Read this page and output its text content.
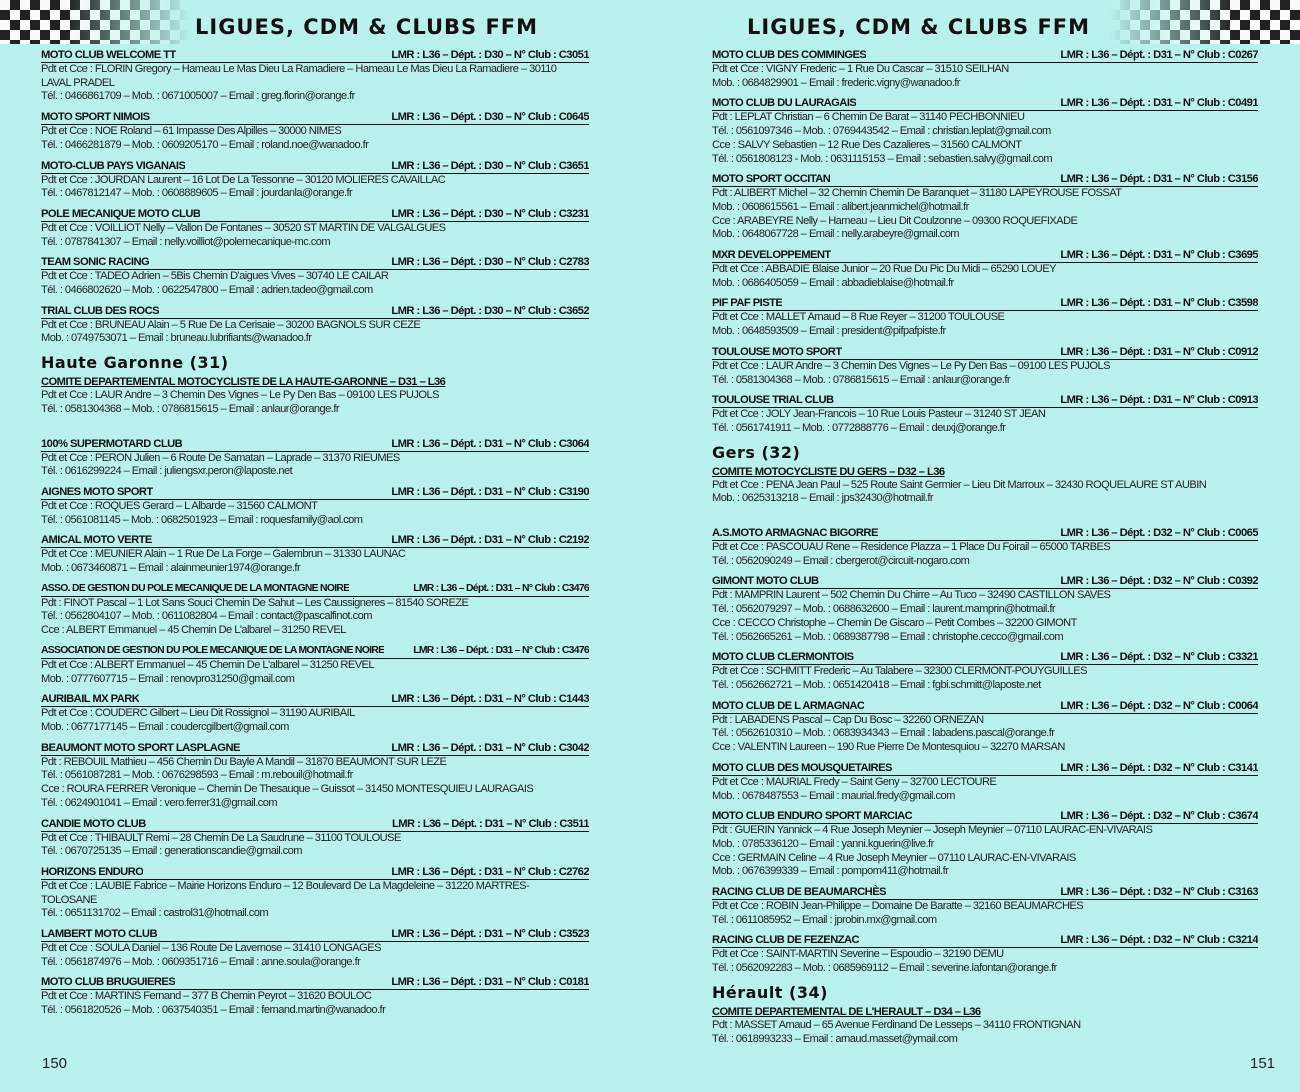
LIGUES, CDM & CLUBS FFM
MOTO CLUB WELCOME TT	LMR : L36 – Dépt. : D30 – N° Club : C3051
Pdt et Cce : FLORIN Gregory – Hameau Le Mas Dieu La Ramadiere – Hameau Le Mas Dieu La Ramadiere – 30110
LAVAL PRADEL
Tél. : 0466861709 – Mob. : 0671005007 – Email : greg.florin@orange.fr
MOTO SPORT NIMOIS	LMR : L36 – Dépt. : D30 – N° Club : C0645
Pdt et Cce : NOE Roland – 61 Impasse Des Alpilles – 30000 NIMES
Tél. : 0466281879 – Mob. : 0609205170 – Email : roland.noe@wanadoo.fr
MOTO-CLUB PAYS VIGANAIS	LMR : L36 – Dépt. : D30 – N° Club : C3651
Pdt et Cce : JOURDAN Laurent – 16 Lot De La Tessonne – 30120 MOLIERES CAVAILLAC
Tél. : 0467812147 – Mob. : 0608889605 – Email : jourdanla@orange.fr
POLE MECANIQUE MOTO CLUB	LMR : L36 – Dépt. : D30 – N° Club : C3231
Pdt et Cce : VOILLIOT Nelly – Vallon De Fontanes – 30520 ST MARTIN DE VALGALGUES
Tél. : 0787841307 – Email : nelly.voilliot@polemecanique-mc.com
TEAM SONIC RACING	LMR : L36 – Dépt. : D30 – N° Club : C2783
Pdt et Cce : TADEO Adrien – 5Bis Chemin D'aigues Vives – 30740 LE CAILAR
Tél. : 0466802620 – Mob. : 0622547800 – Email : adrien.tadeo@gmail.com
TRIAL CLUB DES ROCS	LMR : L36 – Dépt. : D30 – N° Club : C3652
Pdt et Cce : BRUNEAU Alain – 5 Rue De La Cerisaie – 30200 BAGNOLS SUR CEZE
Mob. : 0749753071 – Email : bruneau.lubrifiants@wanadoo.fr
Haute Garonne (31)
COMITE DEPARTEMENTAL MOTOCYCLISTE DE LA HAUTE-GARONNE – D31 – L36
Pdt et Cce : LAUR Andre – 3 Chemin Des Vignes – Le Py Den Bas – 09100 LES PUJOLS
Tél. : 0581304368 – Mob. : 0786815615 – Email : anlaur@orange.fr
100% SUPERMOTARD CLUB	LMR : L36 – Dépt. : D31 – N° Club : C3064
Pdt et Cce : PERON Julien – 6 Route De Samatan – Laprade – 31370 RIEUMES
Tél. : 0616299224 – Email : juliengsxr.peron@laposte.net
AIGNES MOTO SPORT	LMR : L36 – Dépt. : D31 – N° Club : C3190
Pdt et Cce : ROQUES Gerard – L Albarde – 31560 CALMONT
Tél. : 0561081145 – Mob. : 0682501923 – Email : roquesfamily@aol.com
AMICAL MOTO VERTE	LMR : L36 – Dépt. : D31 – N° Club : C2192
Pdt et Cce : MEUNIER Alain – 1 Rue De La Forge – Galembrun – 31330 LAUNAC
Mob. : 0673460871 – Email : alainmeunier1974@orange.fr
ASSO. DE GESTION DU POLE MECANIQUE DE LA MONTAGNE NOIRE	LMR : L36 – Dépt. : D31 – N° Club : C3476
Pdt : FINOT Pascal – 1 Lot Sans Souci Chemin De Sahut – Les Caussigneres – 81540 SOREZE
Tél. : 0562804107 – Mob. : 0611082804 – Email : contact@pascalfinot.com
Cce : ALBERT Emmanuel – 45 Chemin De L'albarel – 31250 REVEL
ASSOCIATION DE GESTION DU POLE MECANIQUE DE LA MONTAGNE NOIRE	LMR : L36 – Dépt. : D31 – N° Club : C3476
Pdt et Cce : ALBERT Emmanuel – 45 Chemin De L'albarel – 31250 REVEL
Mob. : 0777607715 – Email : renovpro31250@gmail.com
AURIBAIL MX PARK	LMR : L36 – Dépt. : D31 – N° Club : C1443
Pdt et Cce : COUDERC Gilbert – Lieu Dit Rossignol – 31190 AURIBAIL
Mob. : 0677177145 – Email : coudercgilbert@gmail.com
BEAUMONT MOTO SPORT LASPLAGNE	LMR : L36 – Dépt. : D31 – N° Club : C3042
Pdt : REBOUIL Mathieu – 456 Chemin Du Bayle A Mandil – 31870 BEAUMONT SUR LEZE
Tél. : 0561087281 – Mob. : 0676298593 – Email : m.rebouil@hotmail.fr
Cce : ROURA FERRER Veronique – Chemin De Thesauque – Guissot – 31450 MONTESQUIEU LAURAGAIS
Tél. : 0624901041 – Email : vero.ferrer31@gmail.com
CANDIE MOTO CLUB	LMR : L36 – Dépt. : D31 – N° Club : C3511
Pdt et Cce : THIBAULT Remi – 28 Chemin De La Saudrune – 31100 TOULOUSE
Tél. : 0670725135 – Email : generationscandie@gmail.com
HORIZONS ENDURO	LMR : L36 – Dépt. : D31 – N° Club : C2762
Pdt et Cce : LAUBIE Fabrice – Mairie Horizons Enduro – 12 Boulevard De La Magdeleine – 31220 MARTRES-
TOLOSANE
Tél. : 0651131702 – Email : castrol31@hotmail.com
LAMBERT MOTO CLUB	LMR : L36 – Dépt. : D31 – N° Club : C3523
Pdt et Cce : SOULA Daniel – 136 Route De Lavernose – 31410 LONGAGES
Tél. : 0561874976 – Mob. : 0609351716 – Email : anne.soula@orange.fr
MOTO CLUB BRUGUIERES	LMR : L36 – Dépt. : D31 – N° Club : C0181
Pdt et Cce : MARTINS Fernand – 377 B Chemin Peyrot – 31620 BOULOC
Tél. : 0561820526 – Mob. : 0637540351 – Email : fernand.martin@wanadoo.fr
150
LIGUES, CDM & CLUBS FFM
MOTO CLUB DES COMMINGES	LMR : L36 – Dépt. : D31 – N° Club : C0267
Pdt et Cce : VIGNY Frederic – 1 Rue Du Cascar – 31510 SEILHAN
Mob. : 0684829901 – Email : frederic.vigny@wanadoo.fr
MOTO CLUB DU LAURAGAIS	LMR : L36 – Dépt. : D31 – N° Club : C0491
Pdt : LEPLAT Christian – 6 Chemin De Barat – 31140 PECHBONNIEU
Tél. : 0561097346 – Mob. : 0769443542 – Email : christian.leplat@gmail.com
Cce : SALVY Sebastien – 12 Rue Des Cazalieres – 31560 CALMONT
Tél. : 0561808123 - Mob. : 0631115153 – Email : sebastien.salvy@gmail.com
MOTO SPORT OCCITAN	LMR : L36 – Dépt. : D31 – N° Club : C3156
Pdt : ALIBERT Michel – 32 Chemin Chemin De Baranquet – 31180 LAPEYROUSE FOSSAT
Mob. : 0608615561 – Email : alibert.jeanmichel@hotmail.fr
Cce : ARABEYRE Nelly – Hameau – Lieu Dit Coulzonne – 09300 ROQUEFIXADE
Mob. : 0648067728 – Email : nelly.arabeyre@gmail.com
MXR DEVELOPPEMENT	LMR : L36 – Dépt. : D31 – N° Club : C3695
Pdt et Cce : ABBADIE Blaise Junior – 20 Rue Du Pic Du Midi – 65290 LOUEY
Mob. : 0686405059 – Email : abbadieblaise@hotmail.fr
PIF PAF PISTE	LMR : L36 – Dépt. : D31 – N° Club : C3598
Pdt et Cce : MALLET Arnaud – 8 Rue Reyer – 31200 TOULOUSE
Mob. : 0648593509 – Email : president@pifpafpiste.fr
TOULOUSE MOTO SPORT	LMR : L36 – Dépt. : D31 – N° Club : C0912
Pdt et Cce : LAUR Andre – 3 Chemin Des Vignes – Le Py Den Bas – 09100 LES PUJOLS
Tél. : 0581304368 – Mob. : 0786815615 – Email : anlaur@orange.fr
TOULOUSE TRIAL CLUB	LMR : L36 – Dépt. : D31 – N° Club : C0913
Pdt et Cce : JOLY Jean-Francois – 10 Rue Louis Pasteur – 31240 ST JEAN
Tél. : 0561741911 – Mob. : 0772888776 – Email : deuxj@orange.fr
Gers (32)
COMITE MOTOCYCLISTE DU GERS – D32 – L36
Pdt et Cce : PENA Jean Paul – 525 Route Saint Germier – Lieu Dit Marroux – 32430 ROQUELAURE ST AUBIN
Mob. : 0625313218 – Email : jps32430@hotmail.fr
A.S.MOTO ARMAGNAC BIGORRE	LMR : L36 – Dépt. : D32 – N° Club : C0065
Pdt et Cce : PASCOUAU Rene – Residence Plazza – 1 Place Du Foirail – 65000 TARBES
Tél. : 0562090249 – Email : cbergerot@circuit-nogaro.com
GIMONT MOTO CLUB	LMR : L36 – Dépt. : D32 – N° Club : C0392
Pdt : MAMPRIN Laurent – 502 Chemin Du Chirre – Au Tuco – 32490 CASTILLON SAVES
Tél. : 0562079297 – Mob. : 0688632600 – Email : laurent.mamprin@hotmail.fr
Cce : CECCO Christophe – Chemin De Giscaro – Petit Combes – 32200 GIMONT
Tél. : 0562665261 – Mob. : 0689387798 – Email : christophe.cecco@gmail.com
MOTO CLUB CLERMONTOIS	LMR : L36 – Dépt. : D32 – N° Club : C3321
Pdt et Cce : SCHMITT Frederic – Au Talabere – 32300 CLERMONT-POUYGUILLES
Tél. : 0562662721 – Mob. : 0651420418 – Email : fgbi.schmitt@laposte.net
MOTO CLUB DE L ARMAGNAC	LMR : L36 – Dépt. : D32 – N° Club : C0064
Pdt : LABADENS Pascal – Cap Du Bosc – 32260 ORNEZAN
Tél. : 0562610310 – Mob. : 0683934343 – Email : labadens.pascal@orange.fr
Cce : VALENTIN Laureen – 190 Rue Pierre De Montesquiou – 32270 MARSAN
MOTO CLUB DES MOUSQUETAIRES	LMR : L36 – Dépt. : D32 – N° Club : C3141
Pdt et Cce : MAURIAL Fredy – Saint Geny – 32700 LECTOURE
Mob. : 0678487553 – Email : maurial.fredy@gmail.com
MOTO CLUB ENDURO SPORT MARCIAC	LMR : L36 – Dépt. : D32 – N° Club : C3674
Pdt : GUERIN Yannick – 4 Rue Joseph Meynier – Joseph Meynier – 07110 LAURAC-EN-VIVARAIS
Mob. : 0785336120 – Email : yanni.kguerin@live.fr
Cce : GERMAIN Celine – 4 Rue Joseph Meynier – 07110 LAURAC-EN-VIVARAIS
Mob. : 0676399339 – Email : pompom411@hotmail.fr
RACING CLUB DE BEAUMARCHÈS	LMR : L36 – Dépt. : D32 – N° Club : C3163
Pdt et Cce : ROBIN Jean-Philippe – Domaine De Baratte – 32160 BEAUMARCHES
Tél. : 0611085952 – Email : jprobin.mx@gmail.com
RACING CLUB DE FEZENZAC	LMR : L36 – Dépt. : D32 – N° Club : C3214
Pdt et Cce : SAINT-MARTIN Severine – Espoudio – 32190 DEMU
Tél. : 0562092283 – Mob. : 0685969112 – Email : severine.lafontan@orange.fr
Hérault (34)
COMITE DEPARTEMENTAL DE L'HERAULT – D34 – L36
Pdt : MASSET Arnaud – 65 Avenue Ferdinand De Lesseps – 34110 FRONTIGNAN
Tél. : 0618993233 – Email : arnaud.masset@ymail.com
151
